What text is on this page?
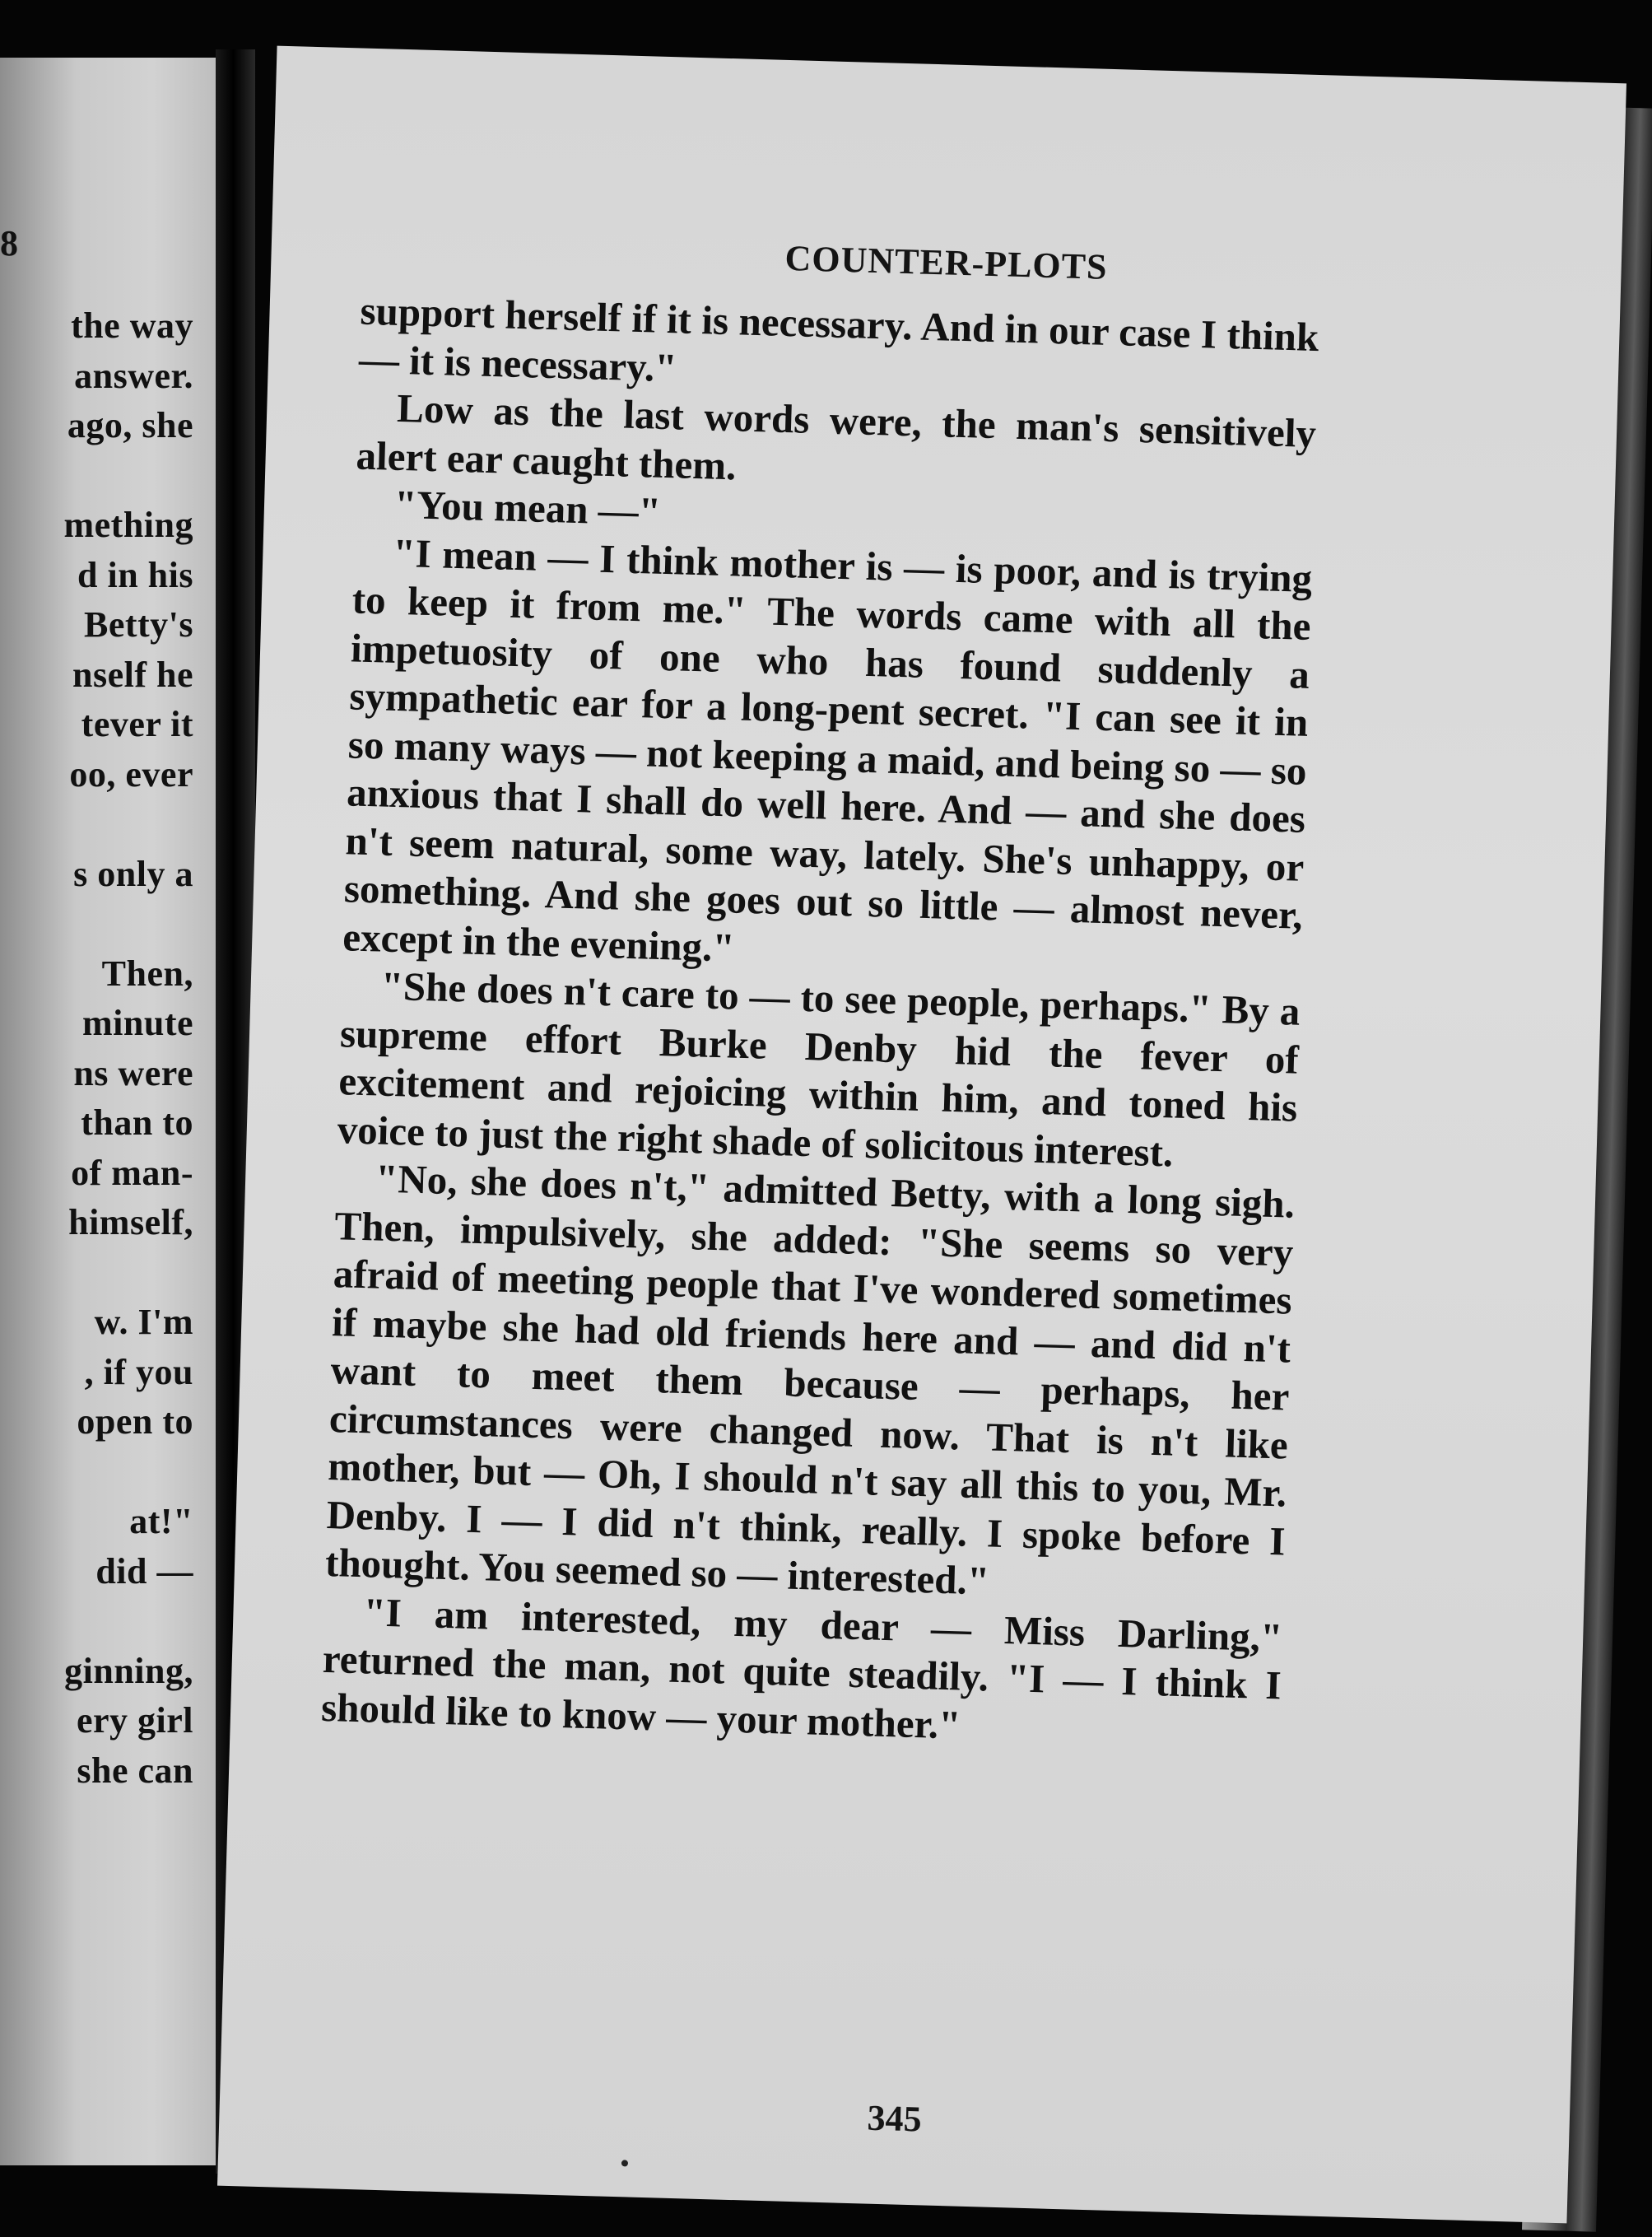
8
the way
answer.
ago, she
mething
d in his
Betty's
nself he
tever it
oo, ever
s only a
Then,
minute
ns were
than to
of man-
himself,
w. I'm
, if you
open to
at!"
did —
ginning,
ery girl
she can
COUNTER-PLOTS

support herself if it is necessary. And in our case I think — it is necessary."

Low as the last words were, the man's sensitively alert ear caught them.

"You mean —"

"I mean — I think mother is — is poor, and is trying to keep it from me." The words came with all the impetuosity of one who has found suddenly a sympathetic ear for a long-pent secret. "I can see it in so many ways — not keeping a maid, and being so — so anxious that I shall do well here. And — and she does n't seem natural, some way, lately. She's unhappy, or something. And she goes out so little — almost never, except in the evening."

"She does n't care to — to see people, perhaps." By a supreme effort Burke Denby hid the fever of excitement and rejoicing within him, and toned his voice to just the right shade of solicitous interest.

"No, she does n't," admitted Betty, with a long sigh. Then, impulsively, she added: "She seems so very afraid of meeting people that I've wondered sometimes if maybe she had old friends here and — and did n't want to meet them because — perhaps, her circumstances were changed now. That is n't like mother, but — Oh, I should n't say all this to you, Mr. Denby. I — I did n't think, really. I spoke before I thought. You seemed so — interested."

"I am interested, my dear — Miss Darling," returned the man, not quite steadily. "I — I think I should like to know — your mother."

345
